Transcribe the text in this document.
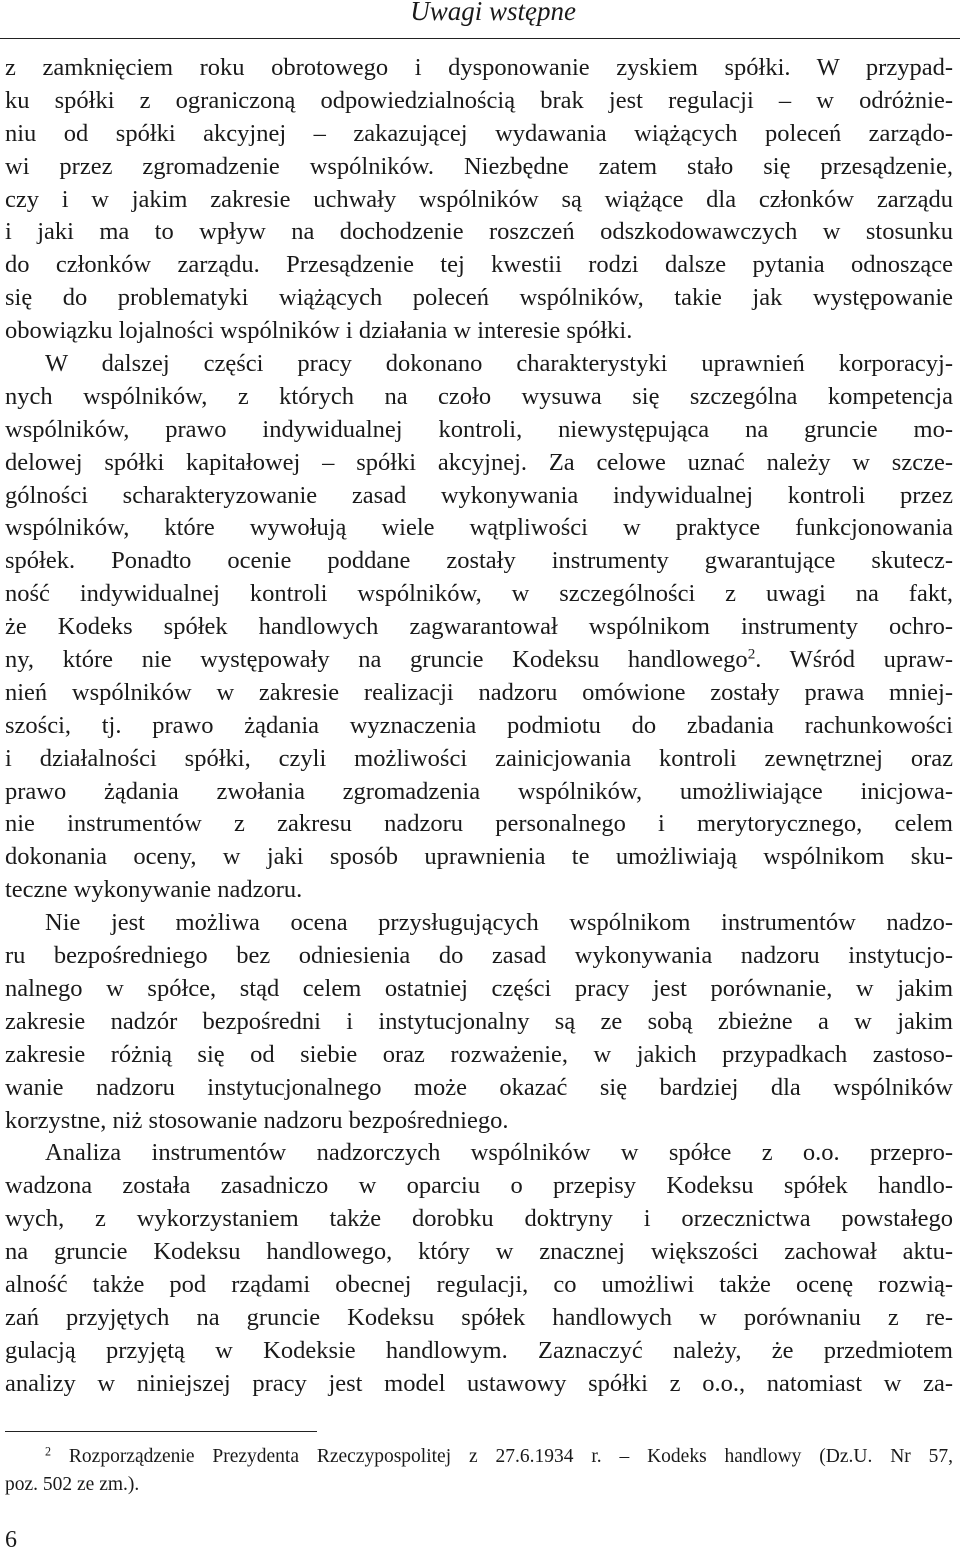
Uwagi wstępne
z zamknięciem roku obrotowego i dysponowanie zyskiem spółki. W przypad-
ku spółki z ograniczoną odpowiedzialnością brak jest regulacji – w odróżnie-
niu od spółki akcyjnej – zakazującej wydawania wiążących poleceń zarządo-
wi przez zgromadzenie wspólników. Niezbędne zatem stało się przesądzenie,
czy i w jakim zakresie uchwały wspólników są wiążące dla członków zarządu
i jaki ma to wpływ na dochodzenie roszczeń odszkodowawczych w stosunku
do członków zarządu. Przesądzenie tej kwestii rodzi dalsze pytania odnoszące
się do problematyki wiążących poleceń wspólników, takie jak występowanie
obowiązku lojalności wspólników i działania w interesie spółki.
W dalszej części pracy dokonano charakterystyki uprawnień korporacyj-
nych wspólników, z których na czoło wysuwa się szczególna kompetencja
wspólników, prawo indywidualnej kontroli, niewystępująca na gruncie mo-
delowej spółki kapitałowej – spółki akcyjnej. Za celowe uznać należy w szcze-
gólności scharakteryzowanie zasad wykonywania indywidualnej kontroli przez
wspólników, które wywołują wiele wątpliwości w praktyce funkcjonowania
spółek. Ponadto ocenie poddane zostały instrumenty gwarantujące skutecz-
ność indywidualnej kontroli wspólników, w szczególności z uwagi na fakt,
że Kodeks spółek handlowych zagwarantował wspólnikom instrumenty ochro-
ny, które nie występowały na gruncie Kodeksu handlowego$^2$. Wśród upraw-
nień wspólników w zakresie realizacji nadzoru omówione zostały prawa mniej-
szości, tj. prawo żądania wyznaczenia podmiotu do zbadania rachunkowości
i działalności spółki, czyli możliwości zainicjowania kontroli zewnętrznej oraz
prawo żądania zwołania zgromadzenia wspólników, umożliwiające inicjowa-
nie instrumentów z zakresu nadzoru personalnego i merytorycznego, celem
dokonania oceny, w jaki sposób uprawnienia te umożliwiają wspólnikom sku-
teczne wykonywanie nadzoru.
Nie jest możliwa ocena przysługujących wspólnikom instrumentów nadzo-
ru bezpośredniego bez odniesienia do zasad wykonywania nadzoru instytucjo-
nalnego w spółce, stąd celem ostatniej części pracy jest porównanie, w jakim
zakresie nadzór bezpośredni i instytucjonalny są ze sobą zbieżne a w jakim
zakresie różnią się od siebie oraz rozważenie, w jakich przypadkach zastoso-
wanie nadzoru instytucjonalnego może okazać się bardziej dla wspólników
korzystne, niż stosowanie nadzoru bezpośredniego.
Analiza instrumentów nadzorczych wspólników w spółce z o.o. przepro-
wadzona została zasadniczo w oparciu o przepisy Kodeksu spółek handlo-
wych, z wykorzystaniem także dorobku doktryny i orzecznictwa powstałego
na gruncie Kodeksu handlowego, który w znacznej większości zachował aktu-
alność także pod rządami obecnej regulacji, co umożliwi także ocenę rozwią-
zań przyjętych na gruncie Kodeksu spółek handlowych w porównaniu z re-
gulacją przyjętą w Kodeksie handlowym. Zaznaczyć należy, że przedmiotem
analizy w niniejszej pracy jest model ustawowy spółki z o.o., natomiast w za-
$^2$ Rozporządzenie Prezydenta Rzeczypospolitej z 27.6.1934 r. – Kodeks handlowy (Dz.U. Nr 57,
poz. 502 ze zm.).
6
